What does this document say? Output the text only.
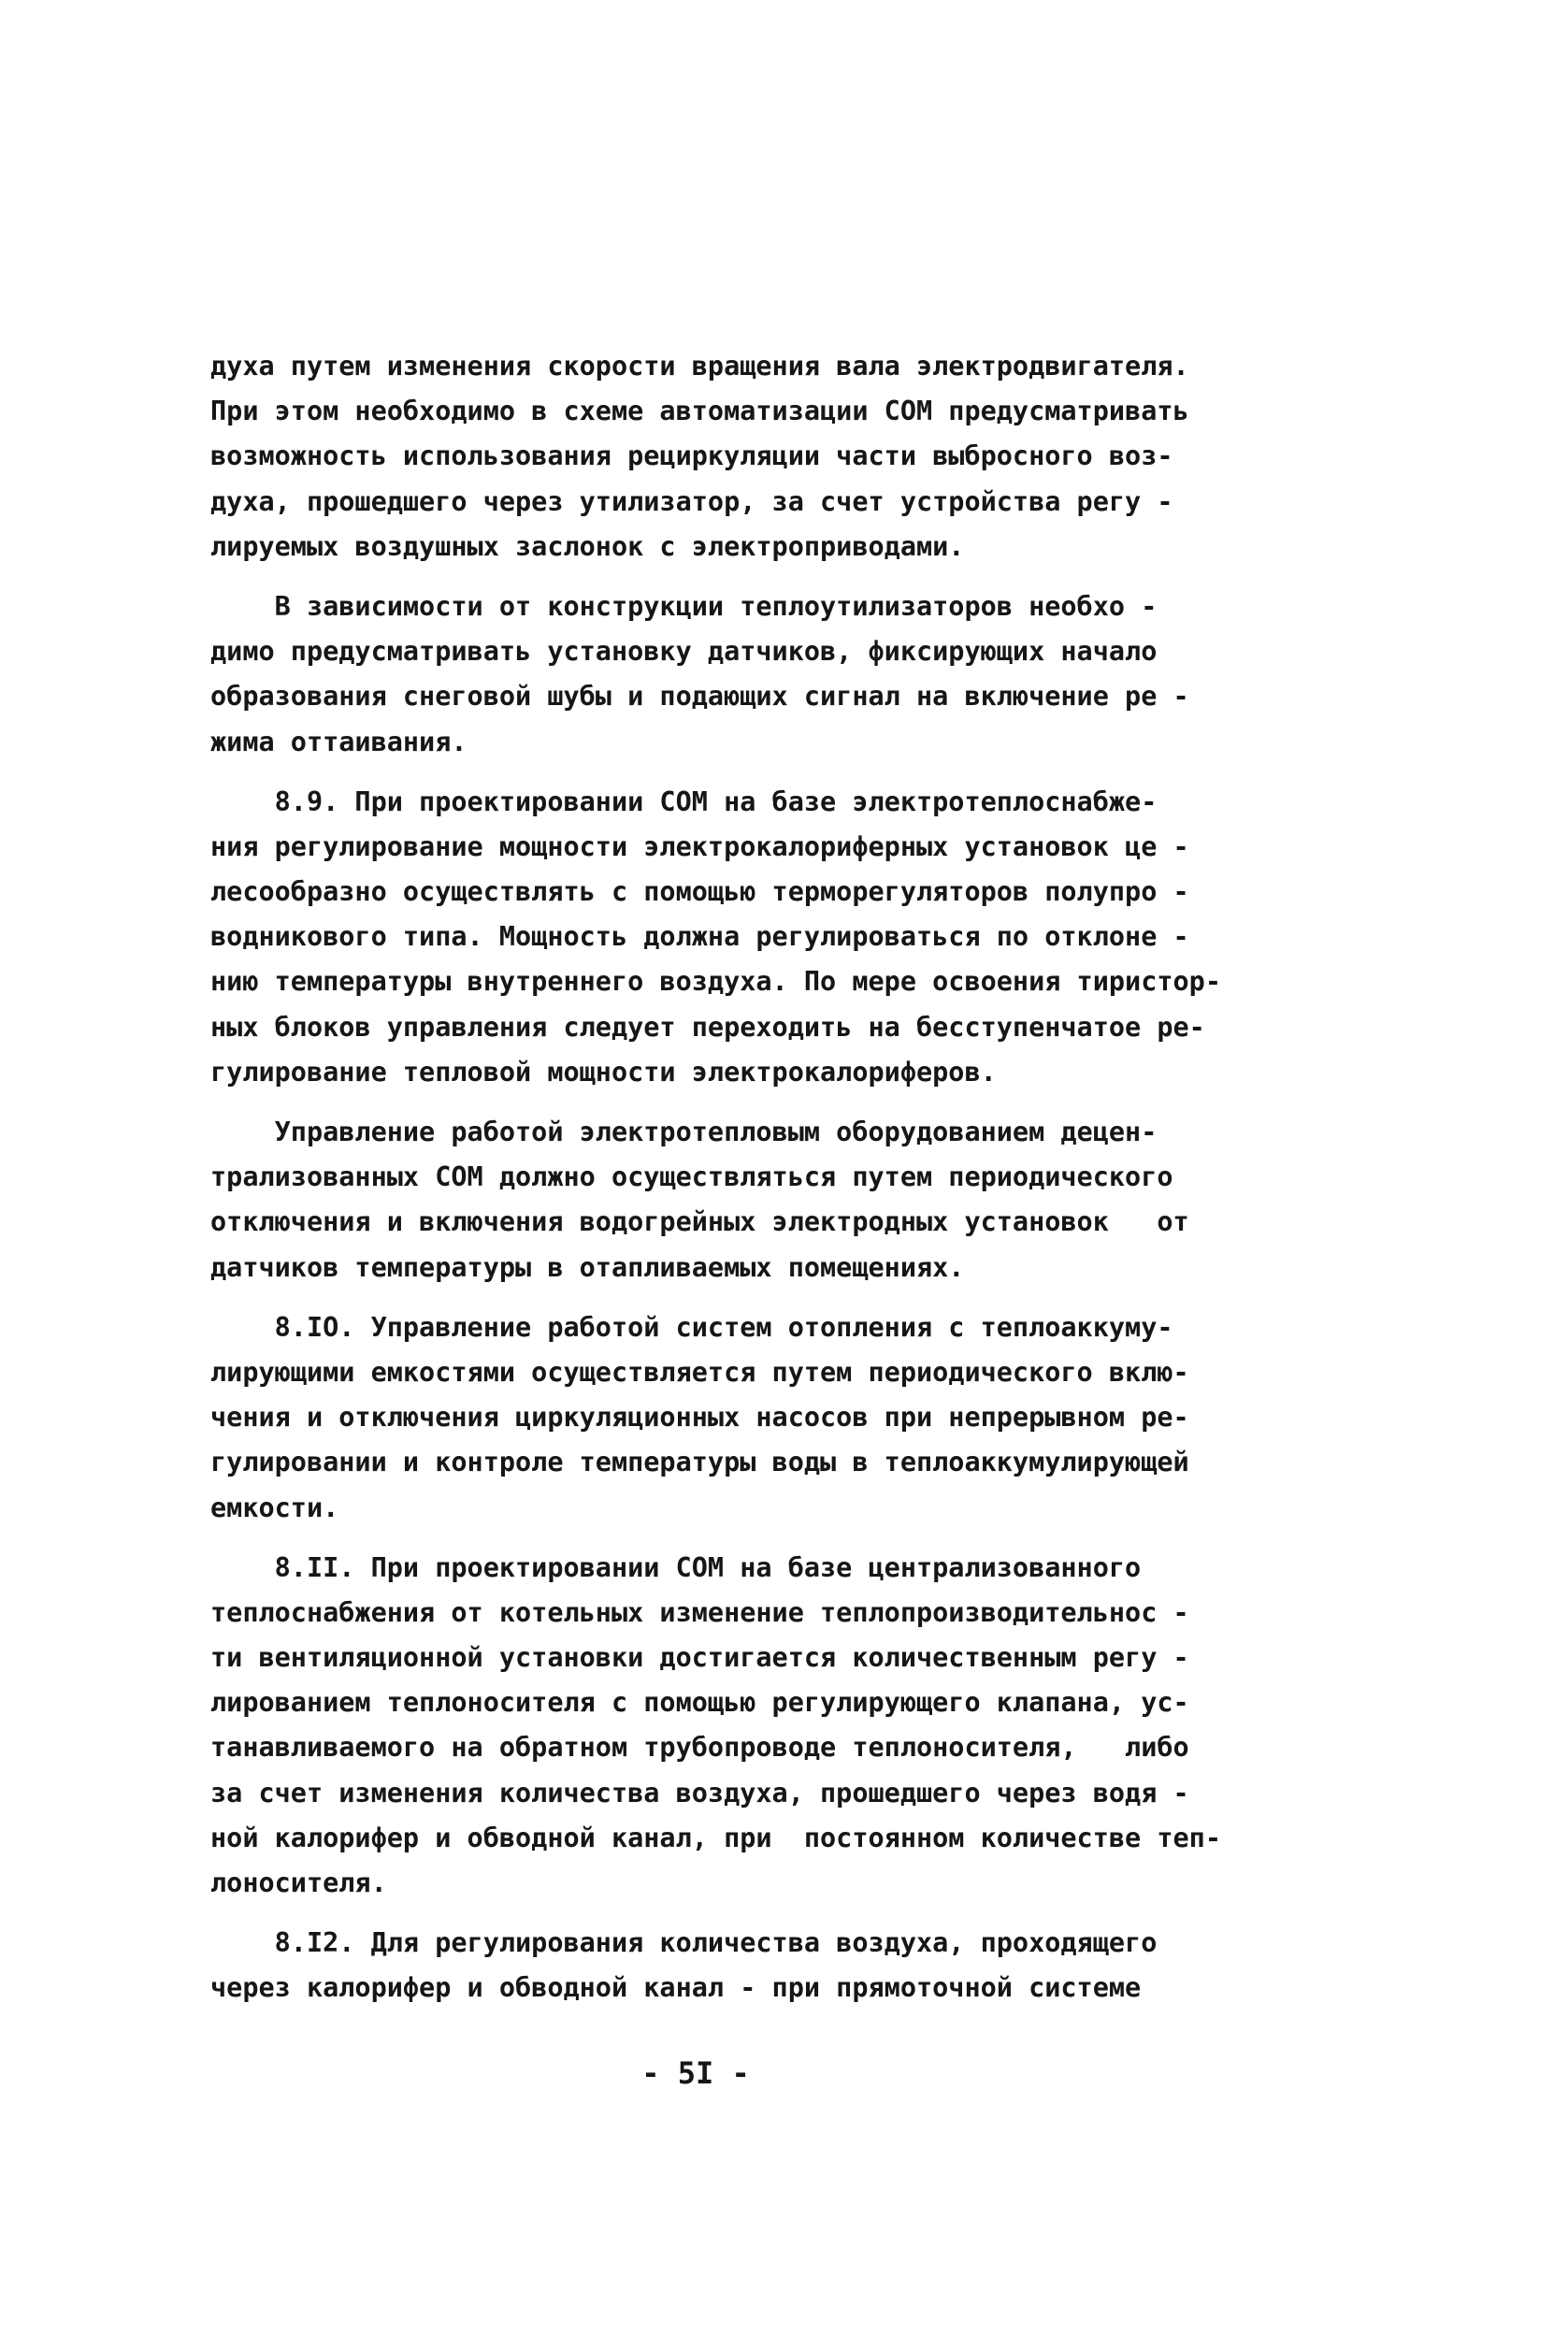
духа путем изменения скорости вращения вала электродвигателя.
При этом необходимо в схеме автоматизации СОМ предусматривать
возможность использования рециркуляции части выбросного воз-
духа, прошедшего через утилизатор, за счет устройства регу -
лируемых воздушных заслонок с электроприводами.
В зависимости от конструкции теплоутилизаторов необхо -
димо предусматривать установку датчиков, фиксирующих начало
образования снеговой шубы и подающих сигнал на включение ре -
жима оттаивания.
8.9. При проектировании СОМ на базе электротеплоснабже-
ния регулирование мощности электрокалориферных установок це -
лесообразно осуществлять с помощью терморегуляторов полупро -
водникового типа. Мощность должна регулироваться по отклоне -
нию температуры внутреннего воздуха. По мере освоения тиристор-
ных блоков управления следует переходить на бесступенчатое ре-
гулирование тепловой мощности электрокалориферов.
Управление работой электротепловым оборудованием децен-
трализованных СОМ должно осуществляться путем периодического
отключения и включения водогрейных электродных установок   от
датчиков температуры в отапливаемых помещениях.
8.IO. Управление работой систем отопления с теплоаккуму-
лирующими емкостями осуществляется путем периодического вклю-
чения и отключения циркуляционных насосов при непрерывном ре-
гулировании и контроле температуры воды в теплоаккумулирующей
емкости.
8.II. При проектировании СОМ на базе централизованного
теплоснабжения от котельных изменение теплопроизводительнос -
ти вентиляционной установки достигается количественным регу -
лированием теплоносителя с помощью регулирующего клапана, ус-
танавливаемого на обратном трубопроводе теплоносителя,   либо
за счет изменения количества воздуха, прошедшего через водя -
ной калорифер и обводной канал, при  постоянном количестве теп-
лоносителя.
8.I2. Для регулирования количества воздуха, проходящего
через калорифер и обводной канал - при прямоточной системе
- 5I -
